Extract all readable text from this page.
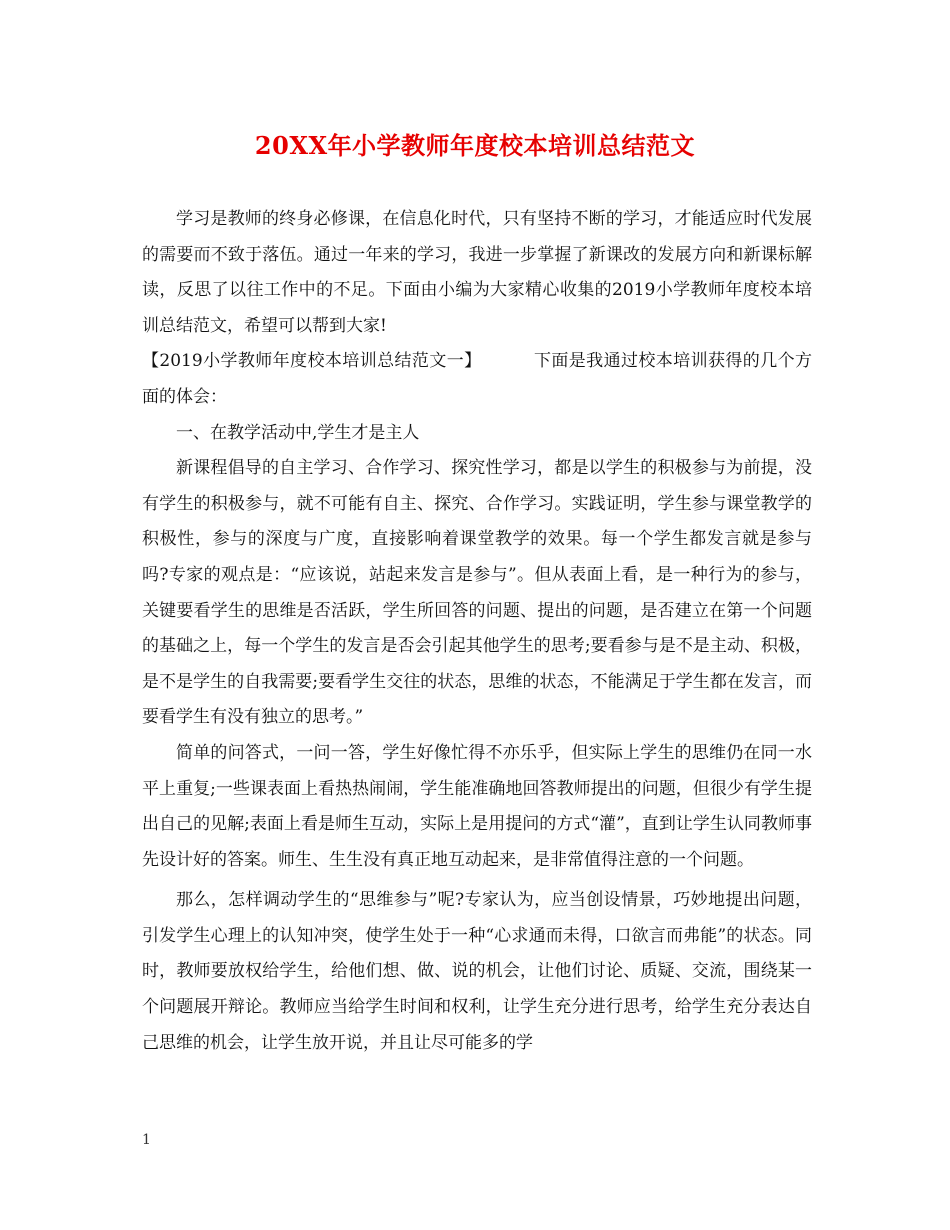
20XX年小学教师年度校本培训总结范文

学习是教师的终身必修课，在信息化时代，只有坚持不断的学习，才能适应时代发展的需要而不致于落伍。通过一年来的学习，我进一步掌握了新课改的发展方向和新课标解读，反思了以往工作中的不足。下面由小编为大家精心收集的2019小学教师年度校本培训总结范文，希望可以帮到大家!

【2019小学教师年度校本培训总结范文一】	下面是我通过校本培训获得的几个方面的体会：

一、在教学活动中,学生才是主人

新课程倡导的自主学习、合作学习、探究性学习，都是以学生的积极参与为前提，没有学生的积极参与，就不可能有自主、探究、合作学习。实践证明，学生参与课堂教学的积极性，参与的深度与广度，直接影响着课堂教学的效果。每一个学生都发言就是参与吗?专家的观点是：“应该说，站起来发言是参与”。但从表面上看，是一种行为的参与，关键要看学生的思维是否活跃，学生所回答的问题、提出的问题，是否建立在第一个问题的基础之上，每一个学生的发言是否会引起其他学生的思考;要看参与是不是主动、积极，是不是学生的自我需要;要看学生交往的状态，思维的状态，不能满足于学生都在发言，而要看学生有没有独立的思考。”

简单的问答式，一问一答，学生好像忙得不亦乐乎，但实际上学生的思维仍在同一水平上重复;一些课表面上看热热闹闹，学生能准确地回答教师提出的问题，但很少有学生提出自己的见解;表面上看是师生互动，实际上是用提问的方式“灌”，直到让学生认同教师事先设计好的答案。师生、生生没有真正地互动起来，是非常值得注意的一个问题。

那么，怎样调动学生的“思维参与”呢?专家认为，应当创设情景，巧妙地提出问题，引发学生心理上的认知冲突，使学生处于一种“心求通而未得，口欲言而弗能”的状态。同时，教师要放权给学生，给他们想、做、说的机会，让他们讨论、质疑、交流，围绕某一个问题展开辩论。教师应当给学生时间和权利，让学生充分进行思考，给学生充分表达自己思维的机会，让学生放开说，并且让尽可能多的学

1
